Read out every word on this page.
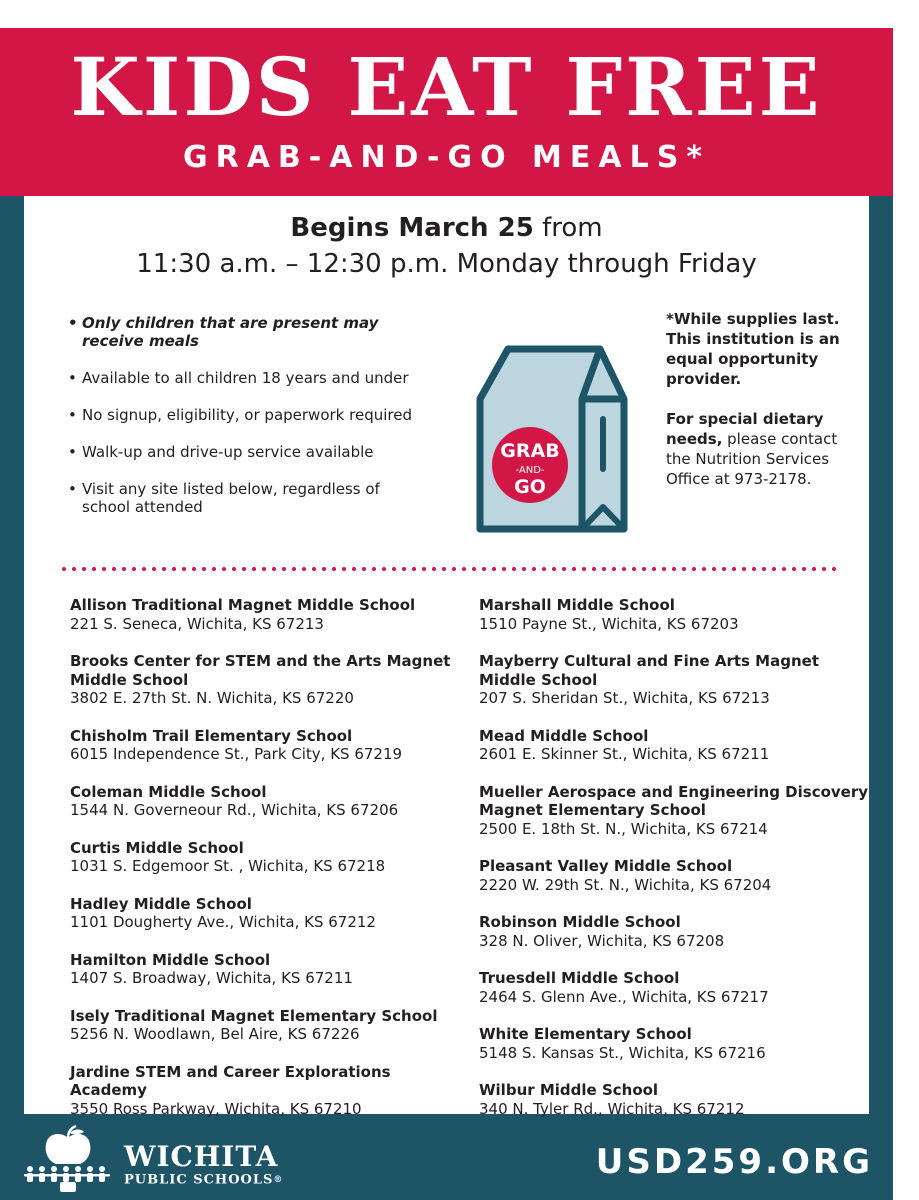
KIDS EAT FREE
GRAB-AND-GO MEALS*
Begins March 25 from
11:30 a.m. – 12:30 p.m. Monday through Friday
• Only children that are present may receive meals
• Available to all children 18 years and under
• No signup, eligibility, or paperwork required
• Walk-up and drive-up service available
• Visit any site listed below, regardless of school attended
GRAB
-AND-
GO
*While supplies last. This institution is an equal opportunity provider.
For special dietary needs, please contact the Nutrition Services Office at 973-2178.
Allison Traditional Magnet Middle School
221 S. Seneca, Wichita, KS 67213
Brooks Center for STEM and the Arts Magnet Middle School
3802 E. 27th St. N. Wichita, KS 67220
Chisholm Trail Elementary School
6015 Independence St., Park City, KS 67219
Coleman Middle School
1544 N. Governeour Rd., Wichita, KS 67206
Curtis Middle School
1031 S. Edgemoor St. , Wichita, KS 67218
Hadley Middle School
1101 Dougherty Ave., Wichita, KS 67212
Hamilton Middle School
1407 S. Broadway, Wichita, KS 67211
Isely Traditional Magnet Elementary School
5256 N. Woodlawn, Bel Aire, KS 67226
Jardine STEM and Career Explorations Academy
3550 Ross Parkway, Wichita, KS 67210
Marshall Middle School
1510 Payne St., Wichita, KS 67203
Mayberry Cultural and Fine Arts Magnet Middle School
207 S. Sheridan St., Wichita, KS 67213
Mead Middle School
2601 E. Skinner St., Wichita, KS 67211
Mueller Aerospace and Engineering Discovery Magnet Elementary School
2500 E. 18th St. N., Wichita, KS 67214
Pleasant Valley Middle School
2220 W. 29th St. N., Wichita, KS 67204
Robinson Middle School
328 N. Oliver, Wichita, KS 67208
Truesdell Middle School
2464 S. Glenn Ave., Wichita, KS 67217
White Elementary School
5148 S. Kansas St., Wichita, KS 67216
Wilbur Middle School
340 N. Tyler Rd., Wichita, KS 67212
WICHITA
PUBLIC SCHOOLS®	USD259.ORG
